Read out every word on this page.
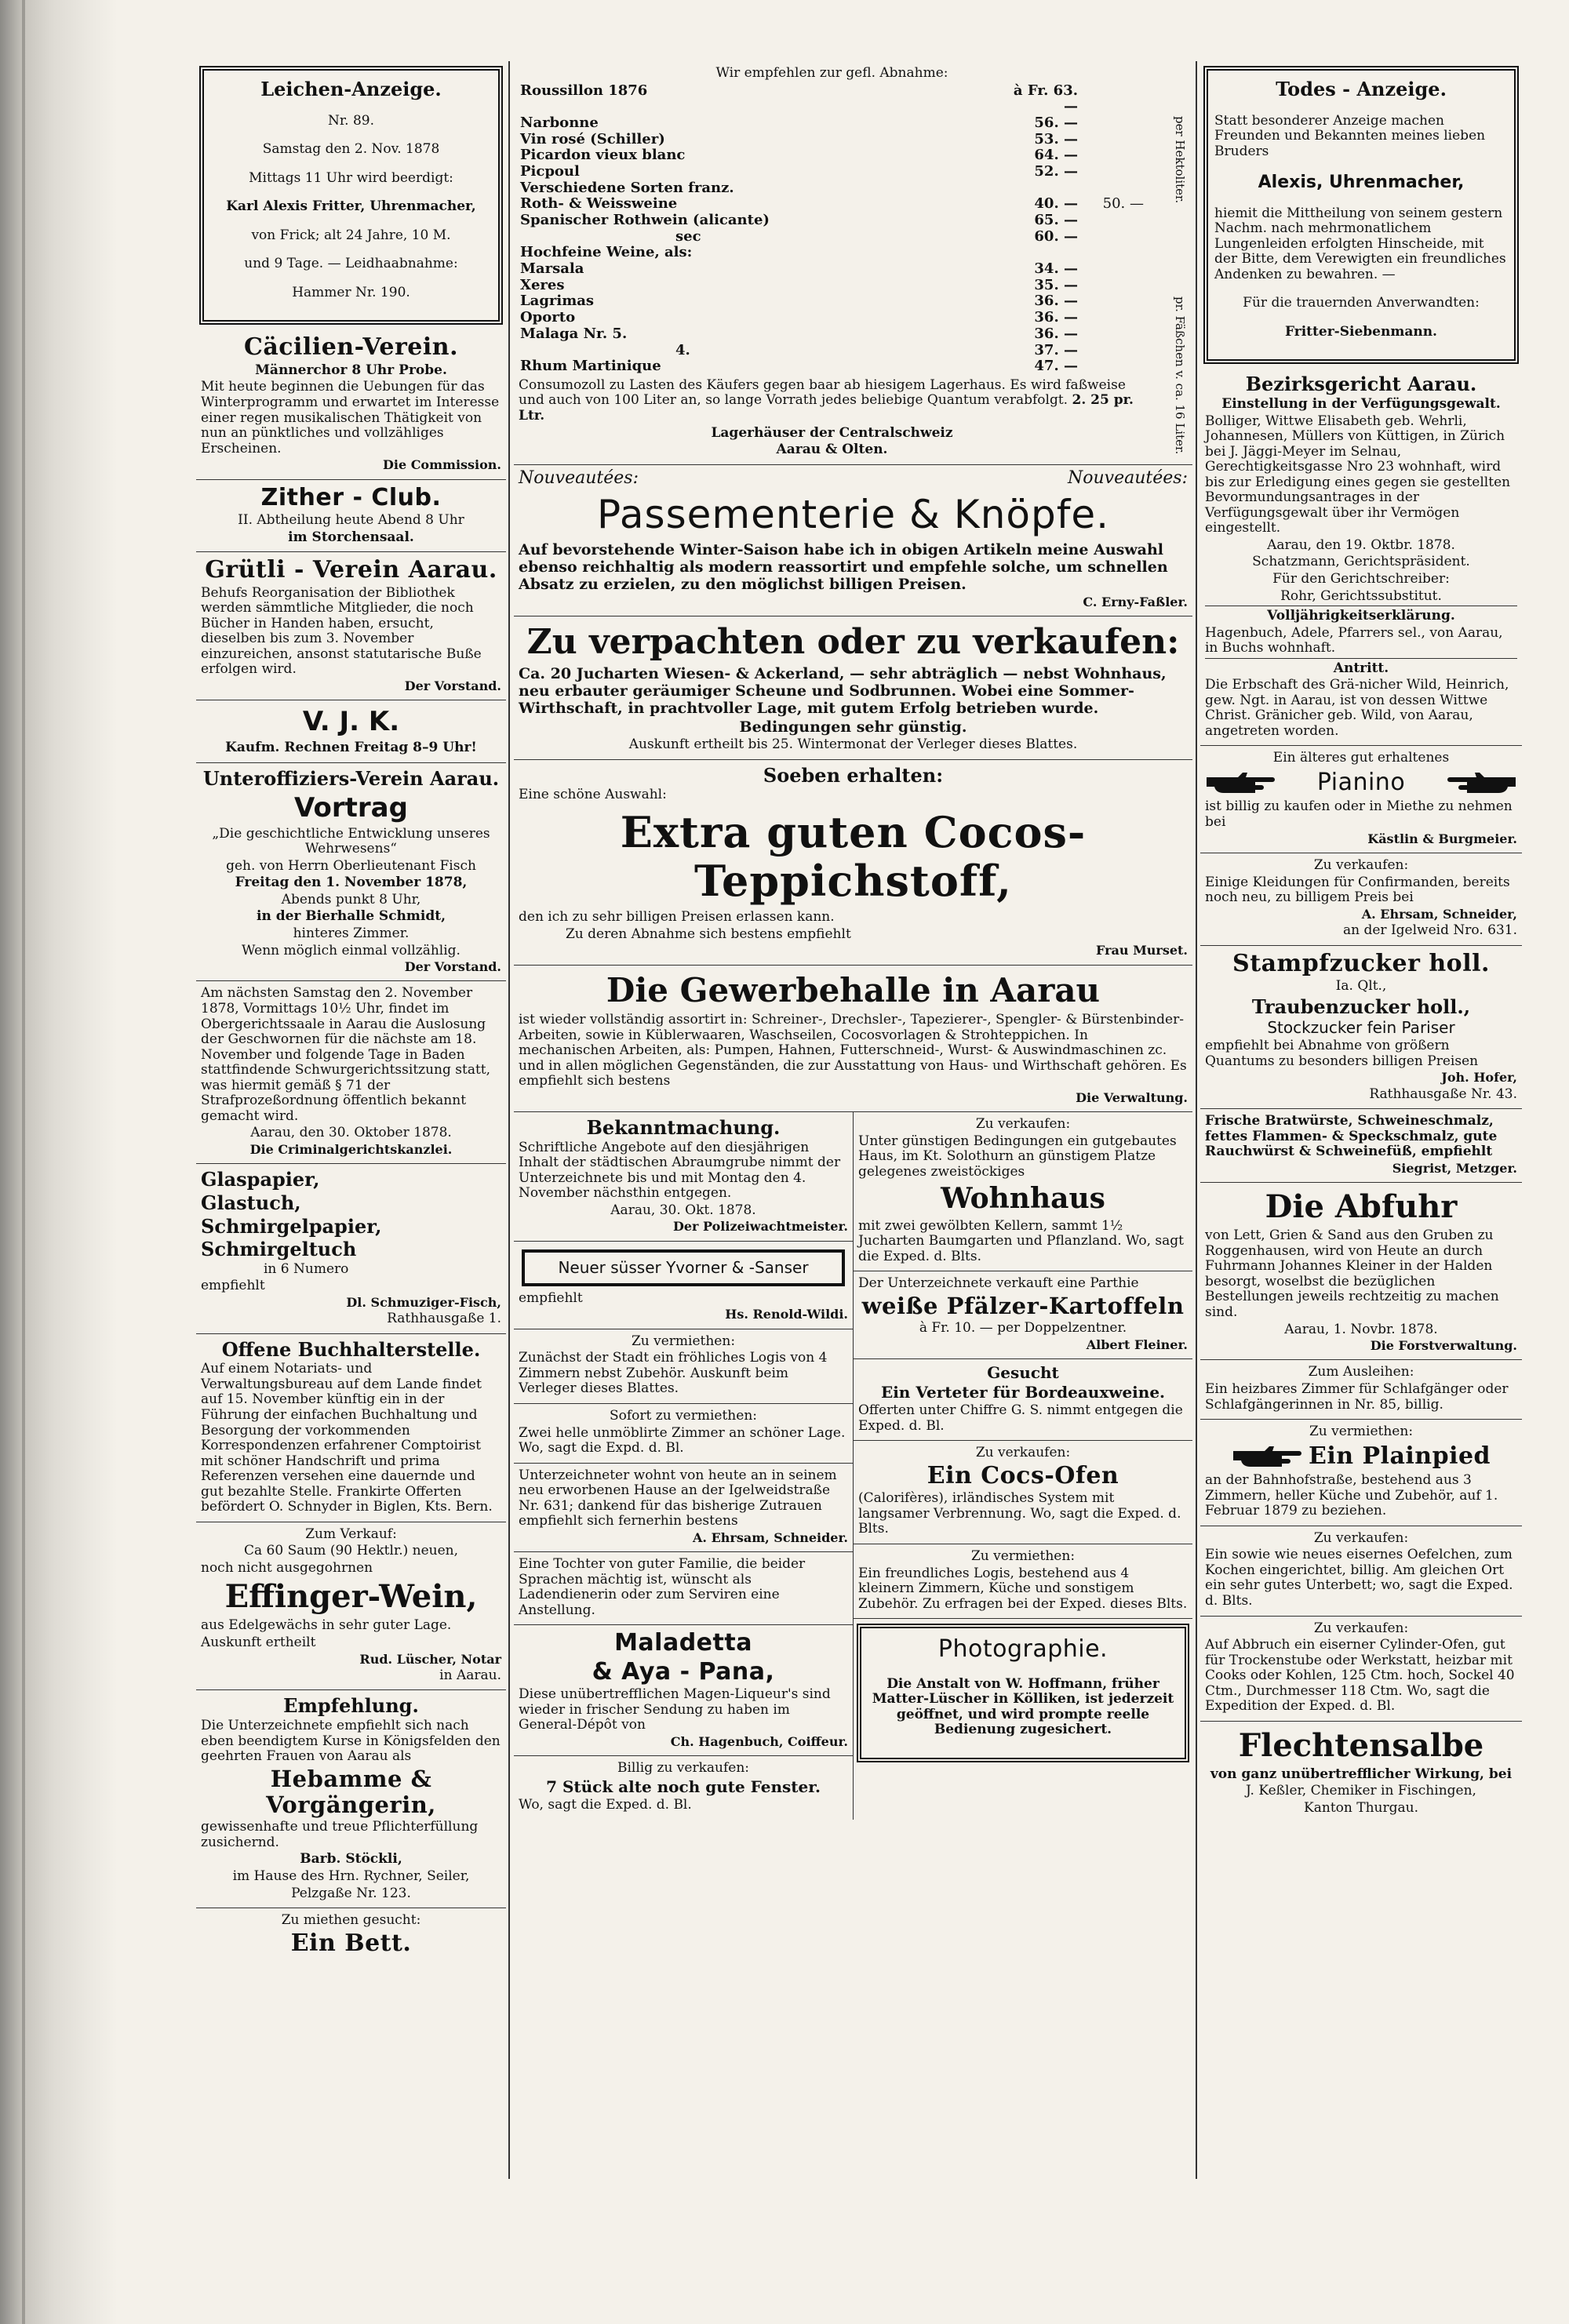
Leichen-Anzeige.

Nr. 89.

Samstag den 2. Nov. 1878

Mittags 11 Uhr wird beerdigt:

Karl Alexis Fritter, Uhrenmacher,

von Frick; alt 24 Jahre, 10 M.

und 9 Tage. — Leidhaabnahme:

Hammer Nr. 190.

Cäcilien-Verein.

Männerchor 8 Uhr Probe.

Mit heute beginnen die Uebungen für das Winterprogramm und erwartet im Interesse einer regen musikalischen Thätigkeit von nun an pünktliches und vollzähliges Erscheinen.

Die Commission.

Zither - Club.

II. Abtheilung heute Abend 8 Uhr

im Storchensaal.

Grütli - Verein Aarau.

Behufs Reorganisation der Bibliothek werden sämmtliche Mitglieder, die noch Bücher in Handen haben, ersucht, dieselben bis zum 3. November einzureichen, ansonst statutarische Buße erfolgen wird.

Der Vorstand.

V. J. K.

Kaufm. Rechnen Freitag 8–9 Uhr!

Unteroffiziers-Verein Aarau.
Vortrag

„Die geschichtliche Entwicklung unseres Wehrwesens“

geh. von Herrn Oberlieutenant Fisch

Freitag den 1. November 1878,

Abends punkt 8 Uhr,

in der Bierhalle Schmidt,

hinteres Zimmer.

Wenn möglich einmal vollzählig.

Der Vorstand.

Am nächsten Samstag den 2. November 1878, Vormittags 10½ Uhr, findet im Obergerichtssaale in Aarau die Auslosung der Geschwornen für die nächste am 18. November und folgende Tage in Baden stattfindende Schwurgerichtssitzung statt, was hiermit gemäß § 71 der Strafprozeßordnung öffentlich bekannt gemacht wird.

Aarau, den 30. Oktober 1878.

Die Criminalgerichtskanzlei.

Glaspapier,
Glastuch,
Schmirgelpapier,
Schmirgeltuch

in 6 Numero

empfiehlt

Dl. Schmuziger-Fisch,

Rathhausgaße 1.

Offene Buchhalterstelle.

Auf einem Notariats- und Verwaltungsbureau auf dem Lande findet auf 15. November künftig ein in der Führung der einfachen Buchhaltung und Besorgung der vorkommenden Korrespondenzen erfahrener Comptoirist mit schöner Handschrift und prima Referenzen versehen eine dauernde und gut bezahlte Stelle. Frankirte Offerten befördert O. Schnyder in Biglen, Kts. Bern.

Zum Verkauf:

Ca 60 Saum (90 Hektlr.) neuen,

noch nicht ausgegohrnen

Effinger-Wein,

aus Edelgewächs in sehr guter Lage.

Auskunft ertheilt

Rud. Lüscher, Notar

in Aarau.

Empfehlung.

Die Unterzeichnete empfiehlt sich nach eben beendigtem Kurse in Königsfelden den geehrten Frauen von Aarau als

Hebamme & Vorgängerin,

gewissenhafte und treue Pflichterfüllung zusichernd.

Barb. Stöckli,

im Hause des Hrn. Rychner, Seiler,

Pelzgaße Nr. 123.

Zu miethen gesucht:

Ein Bett.

Wir empfehlen zur gefl. Abnahme:

Roussillon 1876	à Fr. 63. —	
Narbonne	56. —	
Vin rosé (Schiller)	53. —	
Picardon vieux blanc	64. —	
Picpoul	52. —	
Verschiedene Sorten franz.		
Roth- & Weissweine	40. —	50. —
Spanischer Rothwein (alicante)	65. —	
sec	60. —	
Hochfeine Weine, als:		
Marsala	34. —	
Xeres	35. —	
Lagrimas	36. —	
Oporto	36. —	
Malaga Nr. 5.	36. —	
4.	37. —	
Rhum Martinique	47. —	
per Hektoliter.
pr. Fäßchen v. ca. 16 Liter.

Consumozoll zu Lasten des Käufers gegen baar ab hiesigem Lagerhaus. Es wird faßweise und auch von 100 Liter an, so lange Vorrath jedes beliebige Quantum verabfolgt. 2. 25 pr. Ltr.

Lagerhäuser der Centralschweiz

Aarau & Olten.

Nouveautées:	Nouveautées:
Passementerie & Knöpfe.

Auf bevorstehende Winter-Saison habe ich in obigen Artikeln meine Auswahl ebenso reichhaltig als modern reassortirt und empfehle solche, um schnellen Absatz zu erzielen, zu den möglichst billigen Preisen.

C. Erny-Faßler.

Zu verpachten oder zu verkaufen:

Ca. 20 Jucharten Wiesen- & Ackerland, — sehr abträglich — nebst Wohnhaus, neu erbauter geräumiger Scheune und Sodbrunnen. Wobei eine Sommer-Wirthschaft, in prachtvoller Lage, mit gutem Erfolg betrieben wurde.

Bedingungen sehr günstig.

Auskunft ertheilt bis 25. Wintermonat der Verleger dieses Blattes.

Soeben erhalten:

Eine schöne Auswahl:

Extra guten Cocos-Teppichstoff,

den ich zu sehr billigen Preisen erlassen kann.

Zu deren Abnahme sich bestens empfiehlt

Frau Murset.

Die Gewerbehalle in Aarau

ist wieder vollständig assortirt in: Schreiner-, Drechsler-, Tapezierer-, Spengler- & Bürstenbinder-Arbeiten, sowie in Küblerwaaren, Waschseilen, Cocosvorlagen & Strohteppichen. In mechanischen Arbeiten, als: Pumpen, Hahnen, Futterschneid-, Wurst- & Auswindmaschinen zc. und in allen möglichen Gegenständen, die zur Ausstattung von Haus- und Wirthschaft gehören. Es empfiehlt sich bestens

Die Verwaltung.

Bekanntmachung.

Schriftliche Angebote auf den diesjährigen Inhalt der städtischen Abraumgrube nimmt der Unterzeichnete bis und mit Montag den 4. November nächsthin entgegen.

Aarau, 30. Okt. 1878.

Der Polizeiwachtmeister.

Neuer süsser Yvorner & -Sanser

empfiehlt

Hs. Renold-Wildi.

Zu vermiethen:

Zunächst der Stadt ein fröhliches Logis von 4 Zimmern nebst Zubehör. Auskunft beim Verleger dieses Blattes.

Sofort zu vermiethen:

Zwei helle unmöblirte Zimmer an schöner Lage. Wo, sagt die Expd. d. Bl.

Unterzeichneter wohnt von heute an in seinem neu erworbenen Hause an der Igelweidstraße Nr. 631; dankend für das bisherige Zutrauen empfiehlt sich fernerhin bestens

A. Ehrsam, Schneider.

Eine Tochter von guter Familie, die beider Sprachen mächtig ist, wünscht als Ladendienerin oder zum Serviren eine Anstellung.

Maladetta
& Aya - Pana,

Diese unübertrefflichen Magen-Liqueur's sind wieder in frischer Sendung zu haben im General-Dépôt von

Ch. Hagenbuch, Coiffeur.

Billig zu verkaufen:

7 Stück alte noch gute Fenster.

Wo, sagt die Exped. d. Bl.

Zu verkaufen:

Unter günstigen Bedingungen ein gutgebautes Haus, im Kt. Solothurn an günstigem Platze gelegenes zweistöckiges

Wohnhaus

mit zwei gewölbten Kellern, sammt 1½ Jucharten Baumgarten und Pflanzland. Wo, sagt die Exped. d. Blts.

Der Unterzeichnete verkauft eine Parthie

weiße Pfälzer-Kartoffeln

à Fr. 10. — per Doppelzentner.

Albert Fleiner.

Gesucht
Ein Verteter für Bordeauxweine.

Offerten unter Chiffre G. S. nimmt entgegen die Exped. d. Bl.

Zu verkaufen:

Ein Cocs-Ofen

(Calorifères), irländisches System mit langsamer Verbrennung. Wo, sagt die Exped. d. Blts.

Zu vermiethen:

Ein freundliches Logis, bestehend aus 4 kleinern Zimmern, Küche und sonstigem Zubehör. Zu erfragen bei der Exped. dieses Blts.

Photographie.

Die Anstalt von W. Hoffmann, früher Matter-Lüscher in Kölliken, ist jederzeit geöffnet, und wird prompte reelle Bedienung zugesichert.

Todes - Anzeige.

Statt besonderer Anzeige machen Freunden und Bekannten meines lieben Bruders

Alexis, Uhrenmacher,

hiemit die Mittheilung von seinem gestern Nachm. nach mehrmonatlichem Lungenleiden erfolgten Hinscheide, mit der Bitte, dem Verewigten ein freundliches Andenken zu bewahren. —

Für die trauernden Anverwandten:

Fritter-Siebenmann.

Bezirksgericht Aarau.

Einstellung in der Verfügungsgewalt.

Bolliger, Wittwe Elisabeth geb. Wehrli, Johannesen, Müllers von Küttigen, in Zürich bei J. Jäggi-Meyer im Selnau, Gerechtigkeitsgasse Nro 23 wohnhaft, wird bis zur Erledigung eines gegen sie gestellten Bevormundungsantrages in der Verfügungsgewalt über ihr Vermögen eingestellt.

Aarau, den 19. Oktbr. 1878.

Schatzmann, Gerichtspräsident.

Für den Gerichtschreiber:

Rohr, Gerichtssubstitut.

Volljährigkeitserklärung.

Hagenbuch, Adele, Pfarrers sel., von Aarau, in Buchs wohnhaft.

Antritt.

Die Erbschaft des Grä-nicher Wild, Heinrich, gew. Ngt. in Aarau, ist von dessen Wittwe Christ. Gränicher geb. Wild, von Aarau, angetreten worden.

Ein älteres gut erhaltenes

Pianino

ist billig zu kaufen oder in Miethe zu nehmen bei

Kästlin & Burgmeier.

Zu verkaufen:

Einige Kleidungen für Confirmanden, bereits noch neu, zu billigem Preis bei

A. Ehrsam, Schneider,

an der Igelweid Nro. 631.

Stampfzucker holl.

Ia. Qlt.,

Traubenzucker holl.,
Stockzucker fein Pariser

empfiehlt bei Abnahme von größern Quantums zu besonders billigen Preisen

Joh. Hofer,

Rathhausgaße Nr. 43.

Frische Bratwürste, Schweineschmalz, fettes Flammen- & Speckschmalz, gute Rauchwürst & Schweinefüß, empfiehlt

Siegrist, Metzger.

Die Abfuhr

von Lett, Grien & Sand aus den Gruben zu Roggenhausen, wird von Heute an durch Fuhrmann Johannes Kleiner in der Halden besorgt, woselbst die bezüglichen Bestellungen jeweils rechtzeitig zu machen sind.

Aarau, 1. Novbr. 1878.

Die Forstverwaltung.

Zum Ausleihen:

Ein heizbares Zimmer für Schlafgänger oder Schlafgängerinnen in Nr. 85, billig.

Zu vermiethen:

Ein Plainpied

an der Bahnhofstraße, bestehend aus 3 Zimmern, heller Küche und Zubehör, auf 1. Februar 1879 zu beziehen.

Zu verkaufen:

Ein sowie wie neues eisernes Oefelchen, zum Kochen eingerichtet, billig. Am gleichen Ort ein sehr gutes Unterbett; wo, sagt die Exped. d. Blts.

Zu verkaufen:

Auf Abbruch ein eiserner Cylinder-Ofen, gut für Trockenstube oder Werkstatt, heizbar mit Cooks oder Kohlen, 125 Ctm. hoch, Sockel 40 Ctm., Durchmesser 118 Ctm. Wo, sagt die Expedition der Exped. d. Bl.

Flechtensalbe

von ganz unübertrefflicher Wirkung, bei

J. Keßler, Chemiker in Fischingen,

Kanton Thurgau.
